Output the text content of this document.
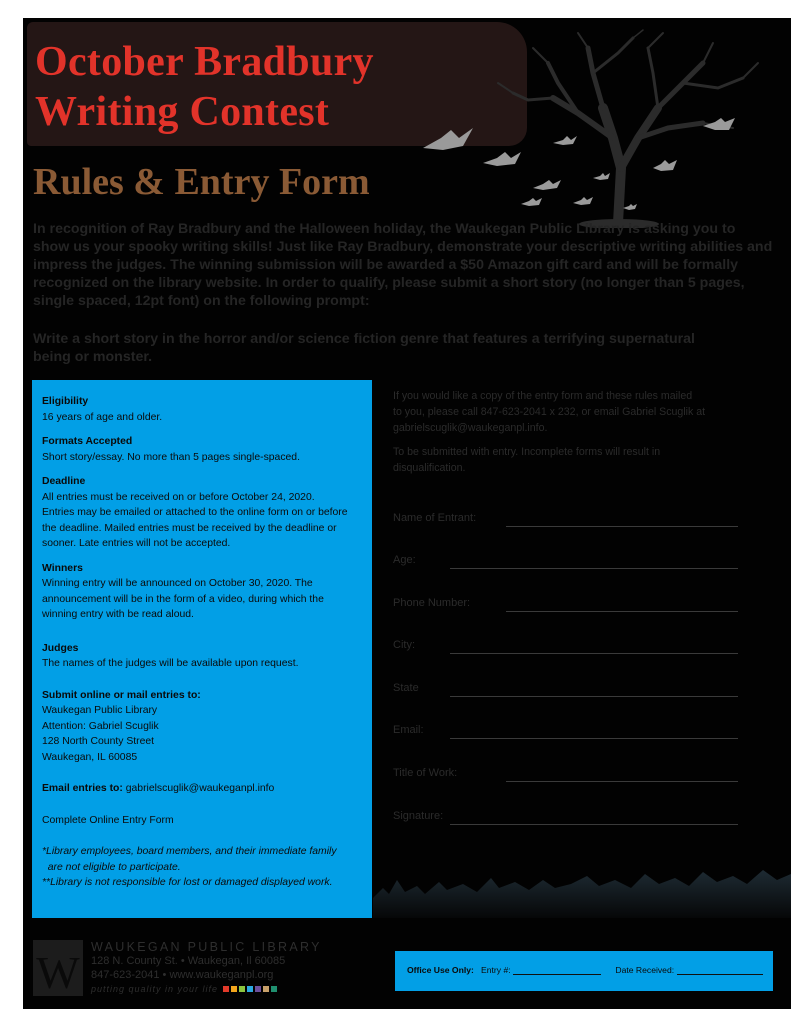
October Bradbury
Writing Contest
Rules & Entry Form

In recognition of Ray Bradbury and the Halloween holiday, the Waukegan Public Library is asking you to show us your spooky writing skills! Just like Ray Bradbury, demonstrate your descriptive writing abilities and impress the judges. The winning submission will be awarded a $50 Amazon gift card and will be formally recognized on the library website. In order to qualify, please submit a short story (no longer than 5 pages, single spaced, 12pt font) on the following prompt:

Write a short story in the horror and/or science fiction genre that features a terrifying supernatural being or monster.

Eligibility
16 years of age and older.
Formats Accepted
Short story/essay. No more than 5 pages single-spaced.
Deadline
All entries must be received on or before October 24, 2020.
Entries may be emailed or attached to the online form on or before
the deadline. Mailed entries must be received by the deadline or
sooner. Late entries will not be accepted.
Winners
Winning entry will be announced on October 30, 2020. The
announcement will be in the form of a video, during which the
winning entry with be read aloud.
Judges
The names of the judges will be available upon request.
Submit online or mail entries to:
Waukegan Public Library
Attention: Gabriel Scuglik
128 North County Street
Waukegan, IL 60085
Email entries to: gabrielscuglik@waukeganpl.info
Complete Online Entry Form
*Library employees, board members, and their immediate family
are not eligible to participate.
**Library is not responsible for lost or damaged displayed work.

If you would like a copy of the entry form and these rules mailed
to you, please call 847-623-2041 x 232, or email Gabriel Scuglik at
gabrielscuglik@waukeganpl.info.

To be submitted with entry. Incomplete forms will result in
disqualification.

Name of Entrant:
Age:
Phone Number:
City:
State
Email:
Title of Work:
Signature:
W WAUKEGAN PUBLIC LIBRARY
128 N. County St. • Waukegan, Il 60085
847-623-2041 • www.waukeganpl.org
putting quality in your life
Office Use Only: Entry #:	Date Received:
